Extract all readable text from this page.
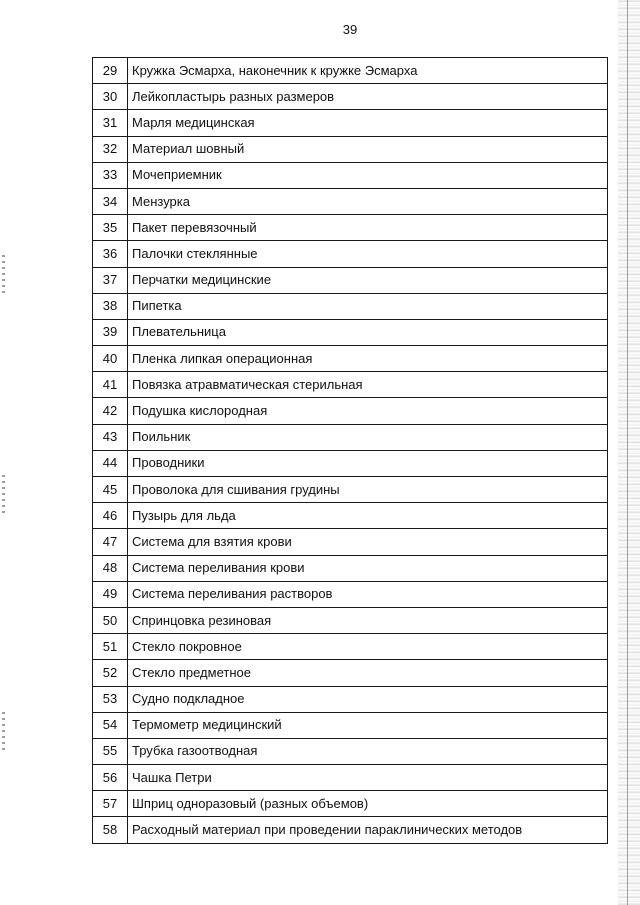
39
29	Кружка Эсмарха, наконечник к кружке Эсмарха
30	Лейкопластырь разных размеров
31	Марля медицинская
32	Материал шовный
33	Мочеприемник
34	Мензурка
35	Пакет перевязочный
36	Палочки стеклянные
37	Перчатки медицинские
38	Пипетка
39	Плевательница
40	Пленка липкая операционная
41	Повязка атравматическая стерильная
42	Подушка кислородная
43	Поильник
44	Проводники
45	Проволока для сшивания грудины
46	Пузырь для льда
47	Система для взятия крови
48	Система переливания крови
49	Система переливания растворов
50	Спринцовка резиновая
51	Стекло покровное
52	Стекло предметное
53	Судно подкладное
54	Термометр медицинский
55	Трубка газоотводная
56	Чашка Петри
57	Шприц одноразовый (разных объемов)
58	Расходный материал при проведении параклинических методов
